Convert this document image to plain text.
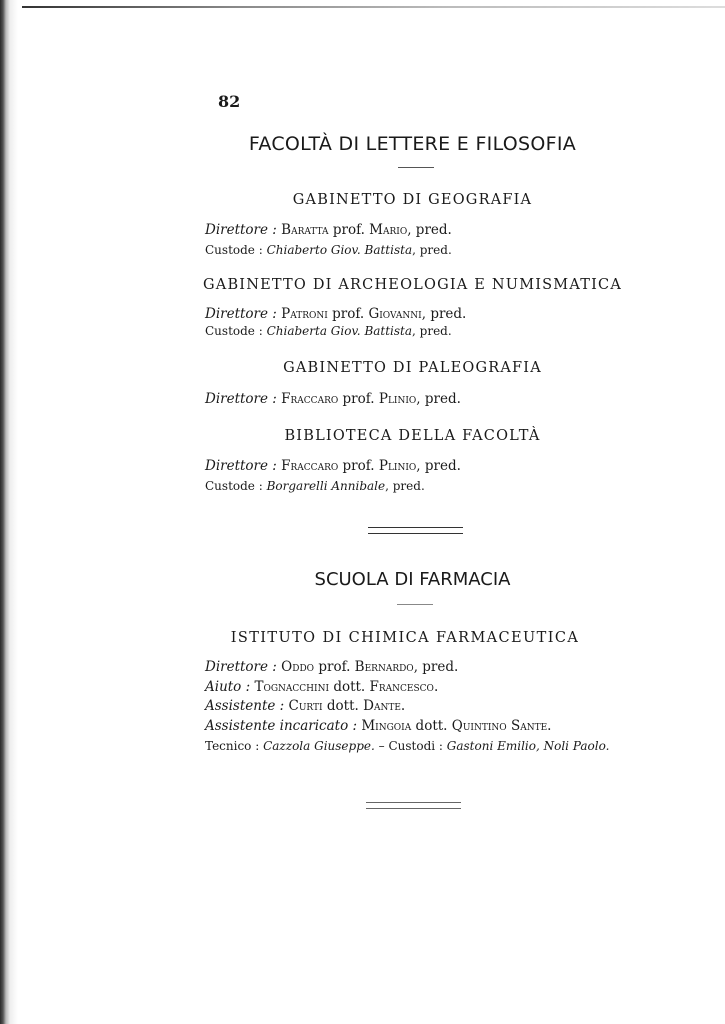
82
FACOLTÀ DI LETTERE E FILOSOFIA
GABINETTO DI GEOGRAFIA
Direttore : Baratta prof. Mario, pred.
Custode : Chiaberto Giov. Battista, pred.
GABINETTO DI ARCHEOLOGIA E NUMISMATICA
Direttore : Patroni prof. Giovanni, pred.
Custode : Chiaberta Giov. Battista, pred.
GABINETTO DI PALEOGRAFIA
Direttore : Fraccaro prof. Plinio, pred.
BIBLIOTECA DELLA FACOLTÀ
Direttore : Fraccaro prof. Plinio, pred.
Custode : Borgarelli Annibale, pred.
SCUOLA DI FARMACIA
ISTITUTO DI CHIMICA FARMACEUTICA
Direttore : Oddo prof. Bernardo, pred.
Aiuto : Tognacchini dott. Francesco.
Assistente : Curti dott. Dante.
Assistente incaricato : Mingoia dott. Quintino Sante.
Tecnico : Cazzola Giuseppe. – Custodi : Gastoni Emilio, Noli Paolo.
